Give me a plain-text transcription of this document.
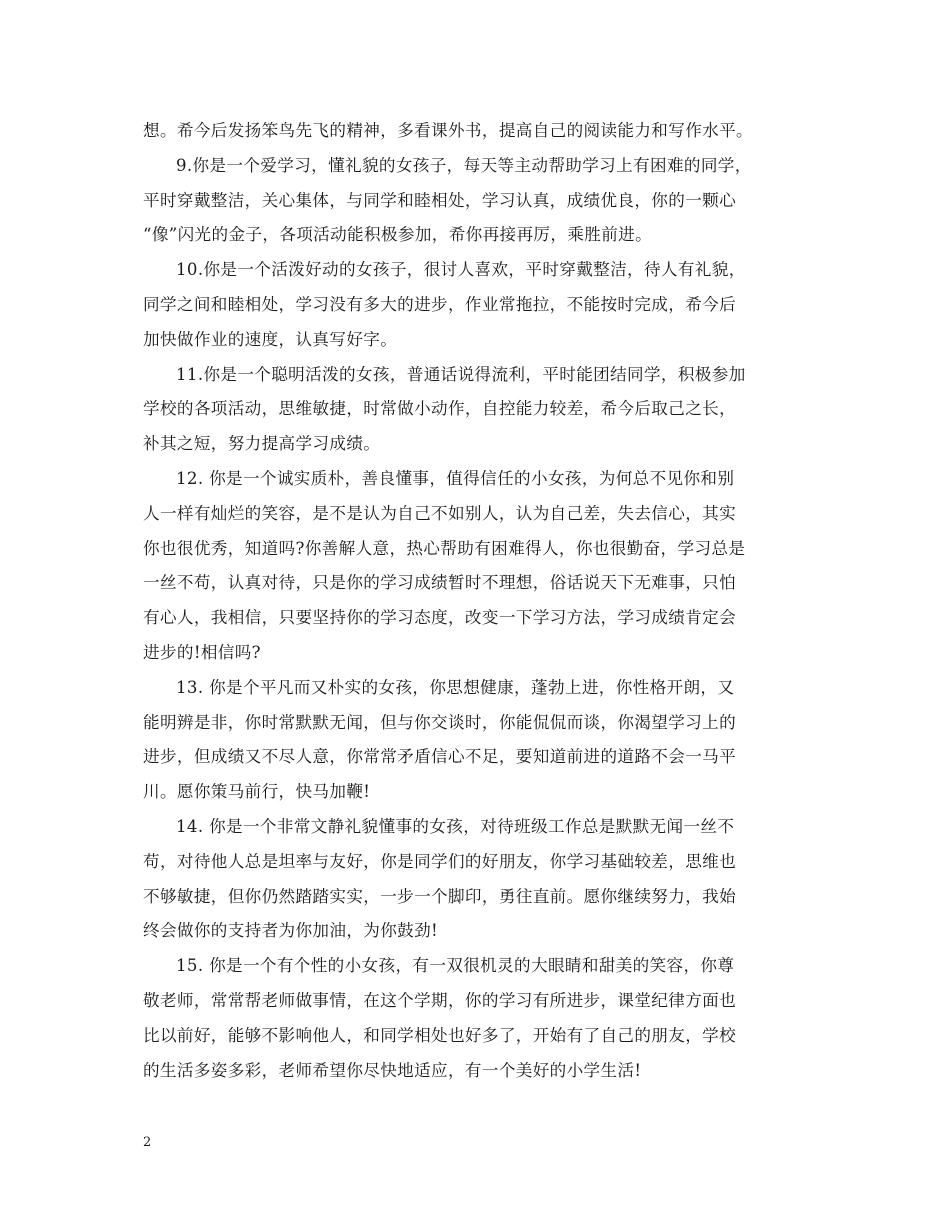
想。希今后发扬笨鸟先飞的精神，多看课外书，提高自己的阅读能力和写作水平。
9.你是一个爱学习，懂礼貌的女孩子，每天等主动帮助学习上有困难的同学，
平时穿戴整洁，关心集体，与同学和睦相处，学习认真，成绩优良，你的一颗心
“像”闪光的金子，各项活动能积极参加，希你再接再厉，乘胜前进。
10.你是一个活泼好动的女孩子，很讨人喜欢，平时穿戴整洁，待人有礼貌，
同学之间和睦相处，学习没有多大的进步，作业常拖拉，不能按时完成，希今后
加快做作业的速度，认真写好字。
11.你是一个聪明活泼的女孩，普通话说得流利，平时能团结同学，积极参加
学校的各项活动，思维敏捷，时常做小动作，自控能力较差，希今后取己之长，
补其之短，努力提高学习成绩。
12. 你是一个诚实质朴，善良懂事，值得信任的小女孩，为何总不见你和别
人一样有灿烂的笑容，是不是认为自己不如别人，认为自己差，失去信心，其实
你也很优秀，知道吗?你善解人意，热心帮助有困难得人，你也很勤奋，学习总是
一丝不苟，认真对待，只是你的学习成绩暂时不理想，俗话说天下无难事，只怕
有心人，我相信，只要坚持你的学习态度，改变一下学习方法，学习成绩肯定会
进步的!相信吗?
13. 你是个平凡而又朴实的女孩，你思想健康，蓬勃上进，你性格开朗，又
能明辨是非，你时常默默无闻，但与你交谈时，你能侃侃而谈，你渴望学习上的
进步，但成绩又不尽人意，你常常矛盾信心不足，要知道前进的道路不会一马平
川。愿你策马前行，快马加鞭!
14. 你是一个非常文静礼貌懂事的女孩，对待班级工作总是默默无闻一丝不
苟，对待他人总是坦率与友好，你是同学们的好朋友，你学习基础较差，思维也
不够敏捷，但你仍然踏踏实实，一步一个脚印，勇往直前。愿你继续努力，我始
终会做你的支持者为你加油，为你鼓劲!
15. 你是一个有个性的小女孩，有一双很机灵的大眼睛和甜美的笑容，你尊
敬老师，常常帮老师做事情，在这个学期，你的学习有所进步，课堂纪律方面也
比以前好，能够不影响他人，和同学相处也好多了，开始有了自己的朋友，学校
的生活多姿多彩，老师希望你尽快地适应，有一个美好的小学生活!
2
